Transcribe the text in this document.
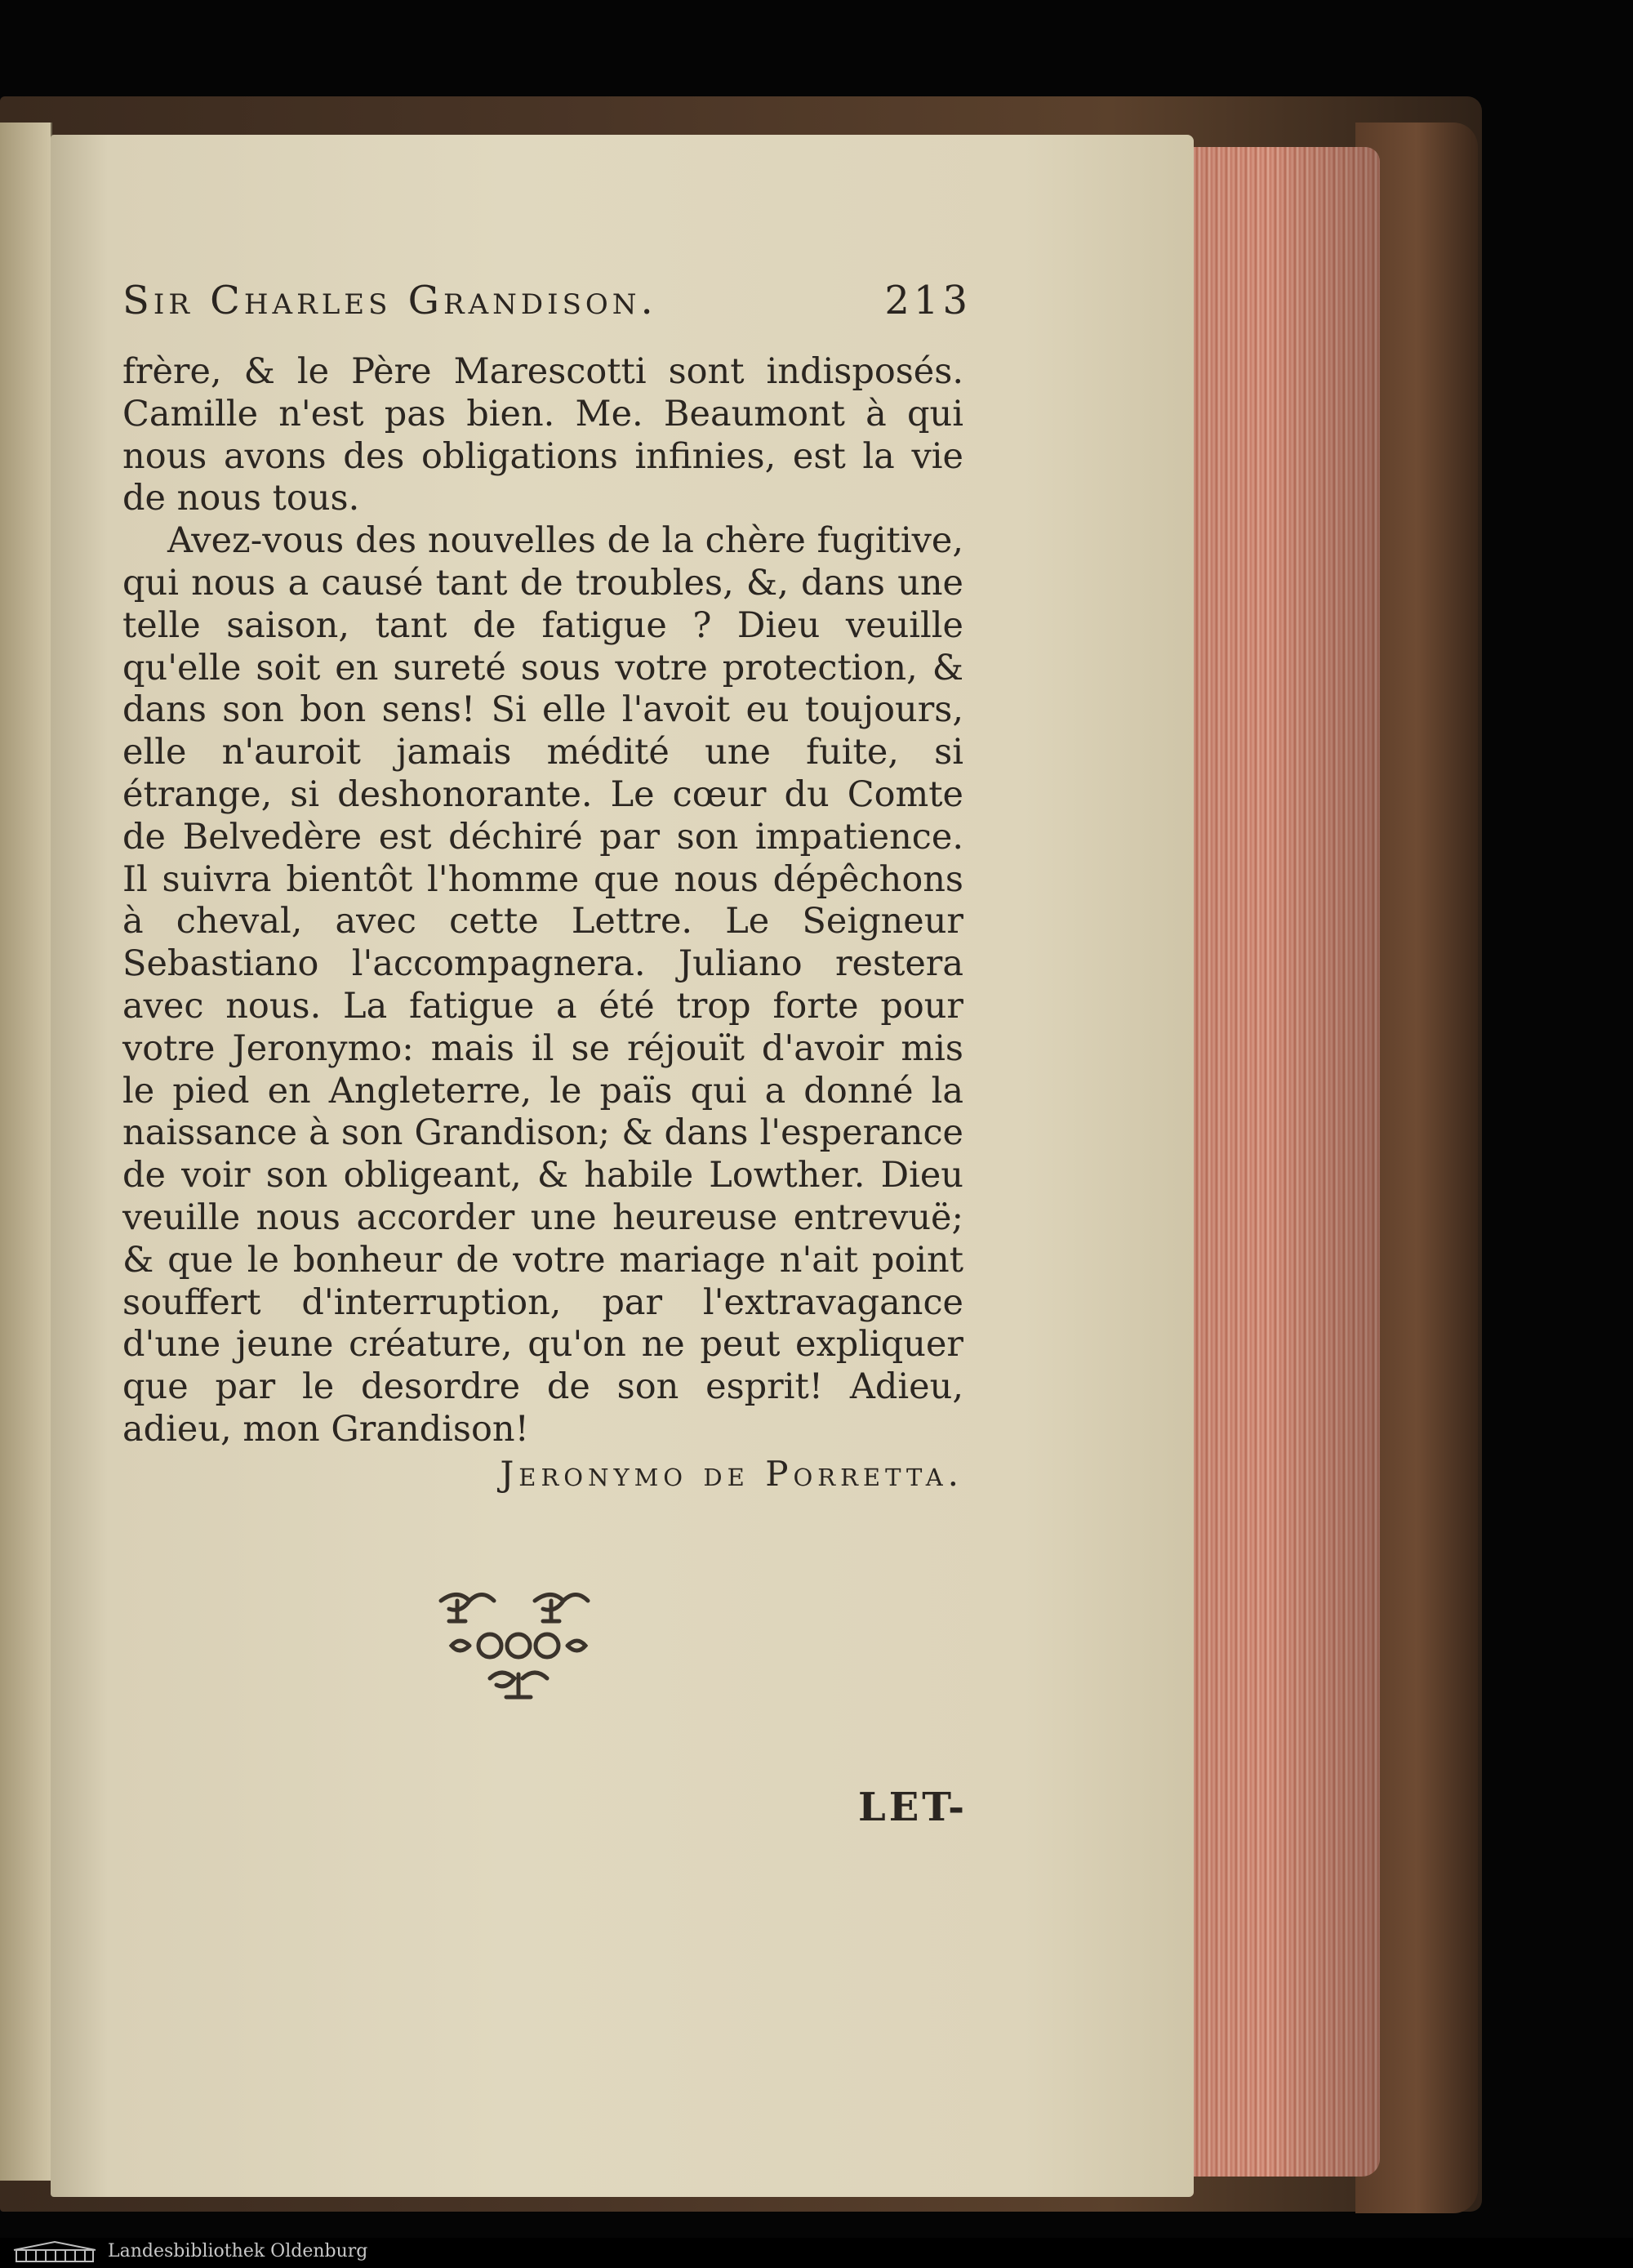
Sir Charles Grandison.	213

frère, & le Père Marescotti sont indisposés. Camille n'est pas bien. Me. Beaumont à qui nous avons des obligations infinies, est la vie de nous tous.

Avez-vous des nouvelles de la chère fugitive, qui nous a causé tant de troubles, &, dans une telle saison, tant de fatigue ? Dieu veuille qu'elle soit en sureté sous votre protection, & dans son bon sens! Si elle l'avoit eu toujours, elle n'auroit jamais médité une fuite, si étrange, si deshonorante. Le cœur du Comte de Belvedère est déchiré par son impatience. Il suivra bientôt l'homme que nous dépêchons à cheval, avec cette Lettre. Le Seigneur Sebastiano l'accompagnera. Juliano restera avec nous. La fatigue a été trop forte pour votre Jeronymo: mais il se réjouït d'avoir mis le pied en Angleterre, le païs qui a donné la naissance à son Grandison; & dans l'esperance de voir son obligeant, & habile Lowther. Dieu veuille nous accorder une heureuse entrevuë; & que le bonheur de votre mariage n'ait point souffert d'interruption, par l'extravagance d'une jeune créature, qu'on ne peut expliquer que par le desordre de son esprit! Adieu, adieu, mon Grandison!

Jeronymo de Porretta.
LET-
Landesbibliothek Oldenburg
